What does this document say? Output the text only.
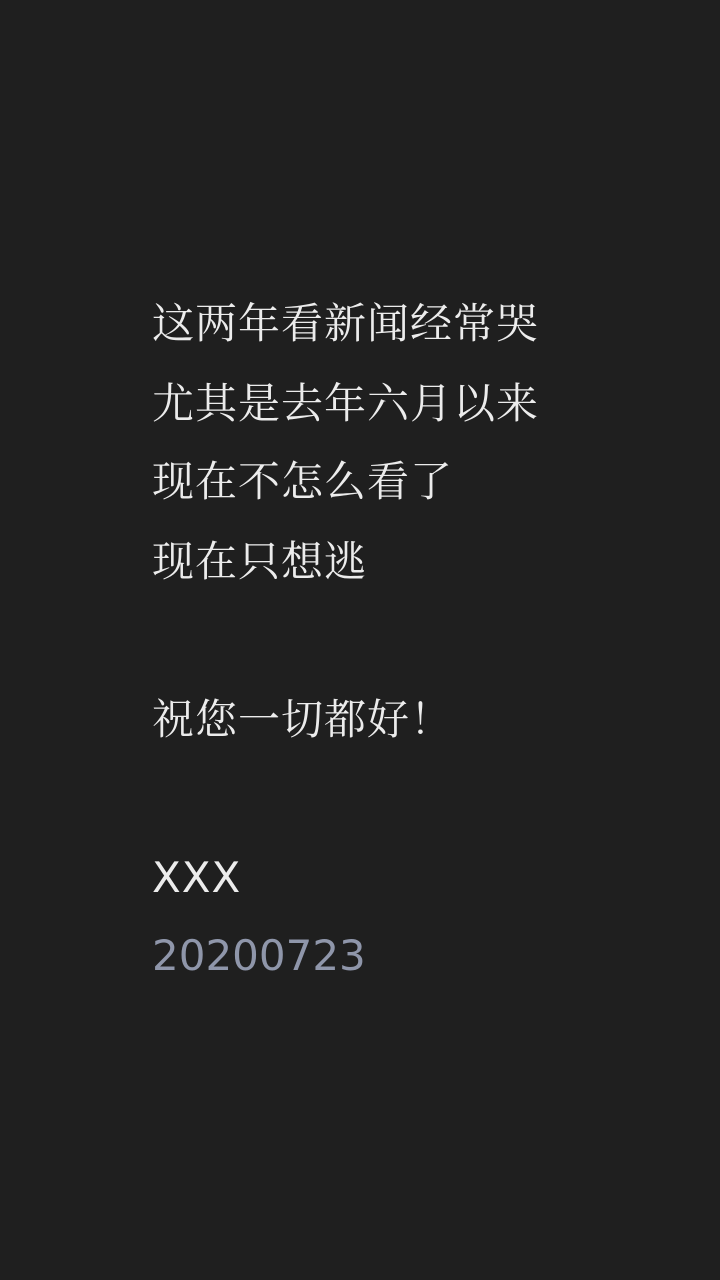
这两年看新闻经常哭
尤其是去年六月以来
现在不怎么看了
现在只想逃
祝您一切都好！
XXX
20200723
